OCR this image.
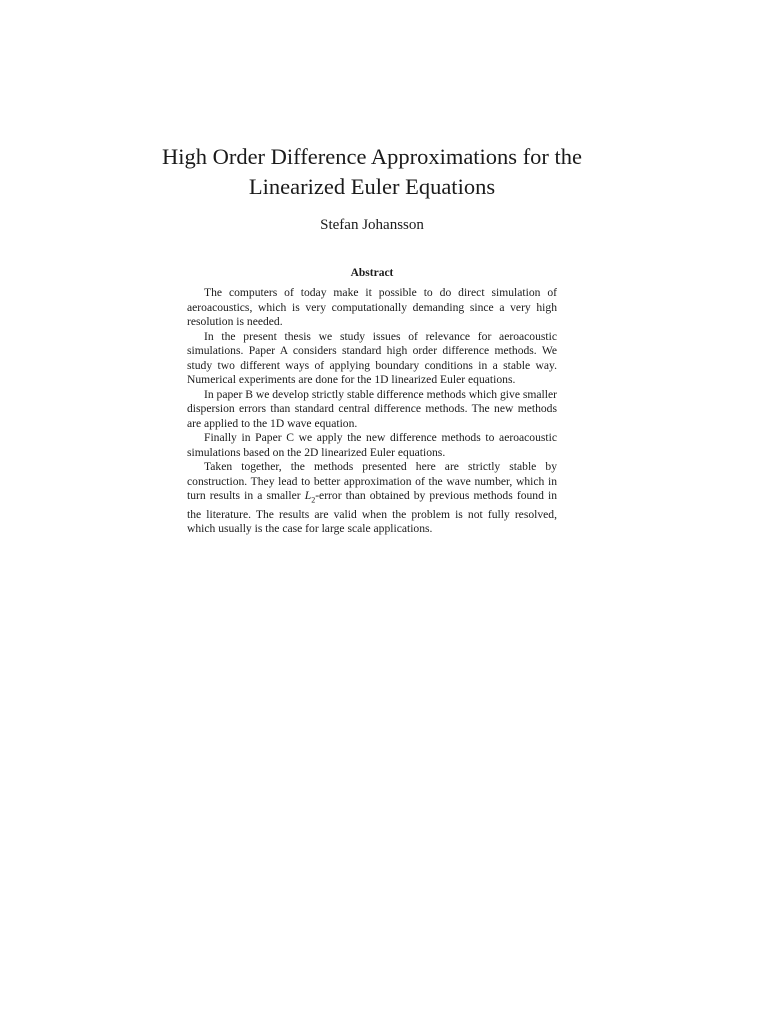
High Order Difference Approximations for the
Linearized Euler Equations
Stefan Johansson
Abstract

The computers of today make it possible to do direct simulation of aeroacoustics, which is very computationally demanding since a very high resolution is needed.

In the present thesis we study issues of relevance for aeroacoustic simulations. Paper A considers standard high order difference methods. We study two different ways of applying boundary conditions in a stable way. Numerical experiments are done for the 1D linearized Euler equations.

In paper B we develop strictly stable difference methods which give smaller dispersion errors than standard central difference methods. The new methods are applied to the 1D wave equation.

Finally in Paper C we apply the new difference methods to aeroacoustic simulations based on the 2D linearized Euler equations.

Taken together, the methods presented here are strictly stable by construction. They lead to better approximation of the wave number, which in turn results in a smaller $L_2$-error than obtained by previous methods found in the literature. The results are valid when the problem is not fully resolved, which usually is the case for large scale applications.
